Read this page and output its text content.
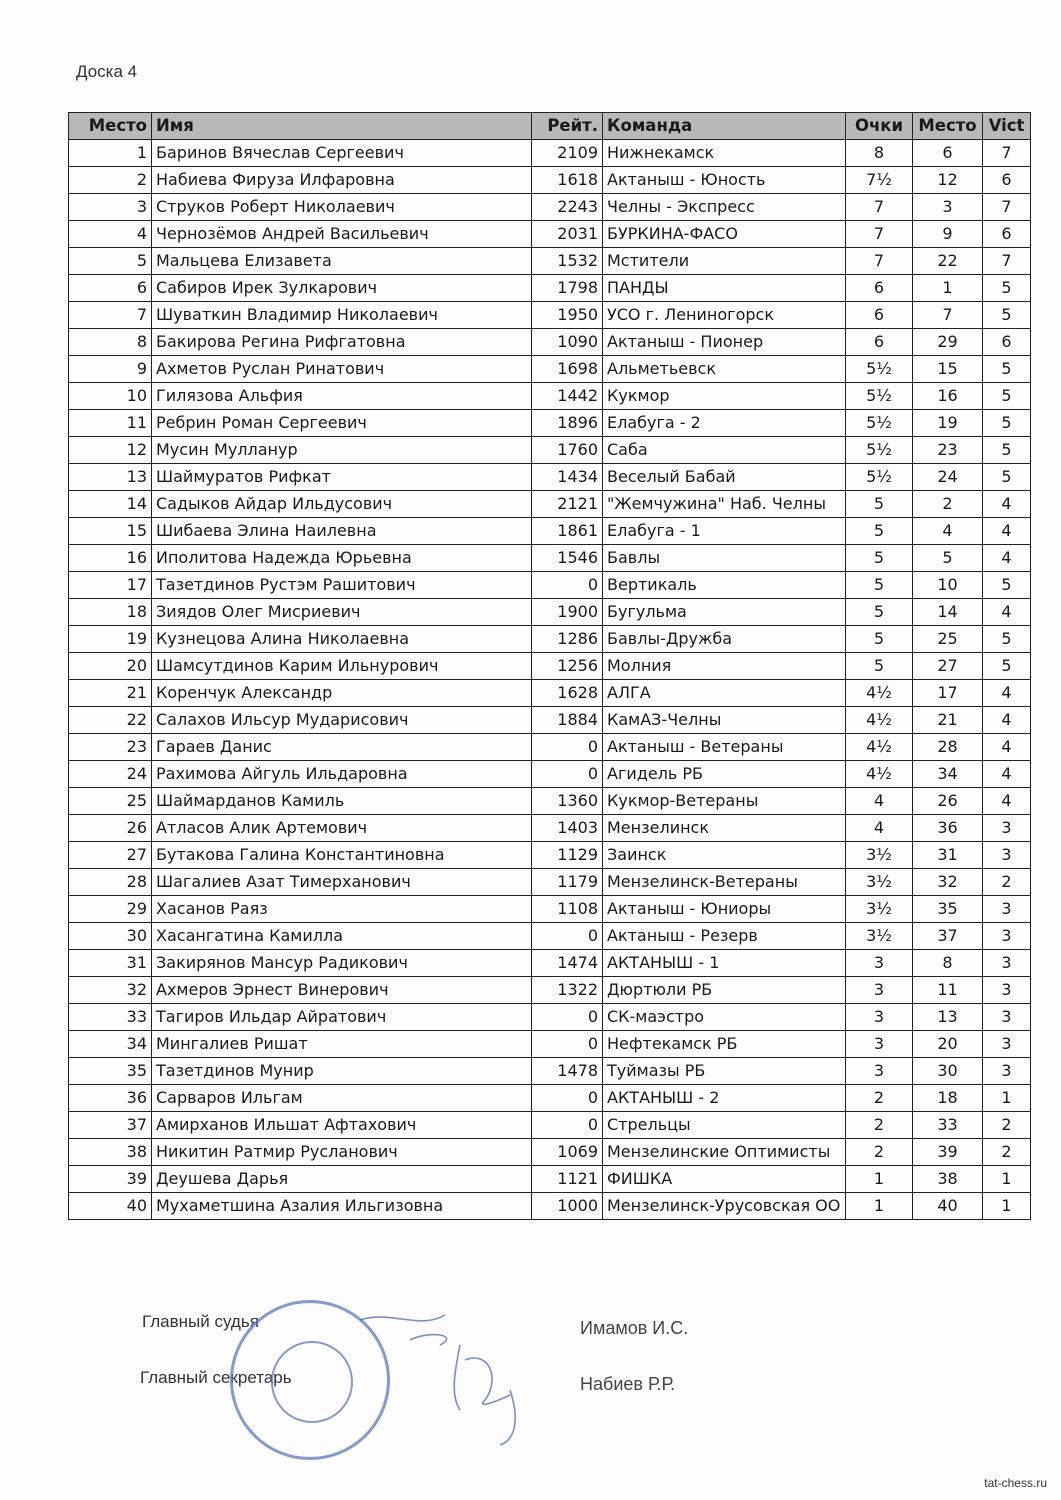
Доска 4
Место	Имя	Рейт.	Команда	Очки	Место	Vict
1	Баринов Вячеслав Сергеевич	2109	Нижнекамск	8	6	7
2	Набиева Фируза Илфаровна	1618	Актаныш - Юность	7½	12	6
3	Струков Роберт Николаевич	2243	Челны - Экспресс	7	3	7
4	Чернозёмов Андрей Васильевич	2031	БУРКИНА-ФАСО	7	9	6
5	Мальцева Елизавета	1532	Мстители	7	22	7
6	Сабиров Ирек Зулкарович	1798	ПАНДЫ	6	1	5
7	Шуваткин Владимир Николаевич	1950	УСО г. Лениногорск	6	7	5
8	Бакирова Регина Рифгатовна	1090	Актаныш - Пионер	6	29	6
9	Ахметов Руслан Ринатович	1698	Альметьевск	5½	15	5
10	Гилязова Альфия	1442	Кукмор	5½	16	5
11	Ребрин Роман Сергеевич	1896	Елабуга - 2	5½	19	5
12	Мусин Мулланур	1760	Саба	5½	23	5
13	Шаймуратов Рифкат	1434	Веселый Бабай	5½	24	5
14	Садыков Айдар Ильдусович	2121	"Жемчужина" Наб. Челны	5	2	4
15	Шибаева Элина Наилевна	1861	Елабуга - 1	5	4	4
16	Иполитова Надежда Юрьевна	1546	Бавлы	5	5	4
17	Тазетдинов Рустэм Рашитович	0	Вертикаль	5	10	5
18	Зиядов Олег Мисриевич	1900	Бугульма	5	14	4
19	Кузнецова Алина Николаевна	1286	Бавлы-Дружба	5	25	5
20	Шамсутдинов Карим Ильнурович	1256	Молния	5	27	5
21	Коренчук Александр	1628	АЛГА	4½	17	4
22	Салахов Ильсур Мударисович	1884	КамАЗ-Челны	4½	21	4
23	Гараев Данис	0	Актаныш - Ветераны	4½	28	4
24	Рахимова Айгуль Ильдаровна	0	Агидель РБ	4½	34	4
25	Шаймарданов Камиль	1360	Кукмор-Ветераны	4	26	4
26	Атласов Алик Артемович	1403	Мензелинск	4	36	3
27	Бутакова Галина Константиновна	1129	Заинск	3½	31	3
28	Шагалиев Азат Тимерханович	1179	Мензелинск-Ветераны	3½	32	2
29	Хасанов Раяз	1108	Актаныш - Юниоры	3½	35	3
30	Хасангатина Камилла	0	Актаныш - Резерв	3½	37	3
31	Закирянов Мансур Радикович	1474	АКТАНЫШ - 1	3	8	3
32	Ахмеров Эрнест Винерович	1322	Дюртюли РБ	3	11	3
33	Тагиров Ильдар Айратович	0	СК-маэстро	3	13	3
34	Мингалиев Ришат	0	Нефтекамск РБ	3	20	3
35	Тазетдинов Мунир	1478	Туймазы РБ	3	30	3
36	Сарваров Ильгам	0	АКТАНЫШ - 2	2	18	1
37	Амирханов Ильшат Афтахович	0	Стрельцы	2	33	2
38	Никитин Ратмир Русланович	1069	Мензелинские Оптимисты	2	39	2
39	Деушева Дарья	1121	ФИШКА	1	38	1
40	Мухаметшина Азалия Ильгизовна	1000	Мензелинск-Урусовская ОО	1	40	1
Главный судья	Имамов И.С.
Главный секретарь	Набиев Р.Р.
tat-chess.ru
